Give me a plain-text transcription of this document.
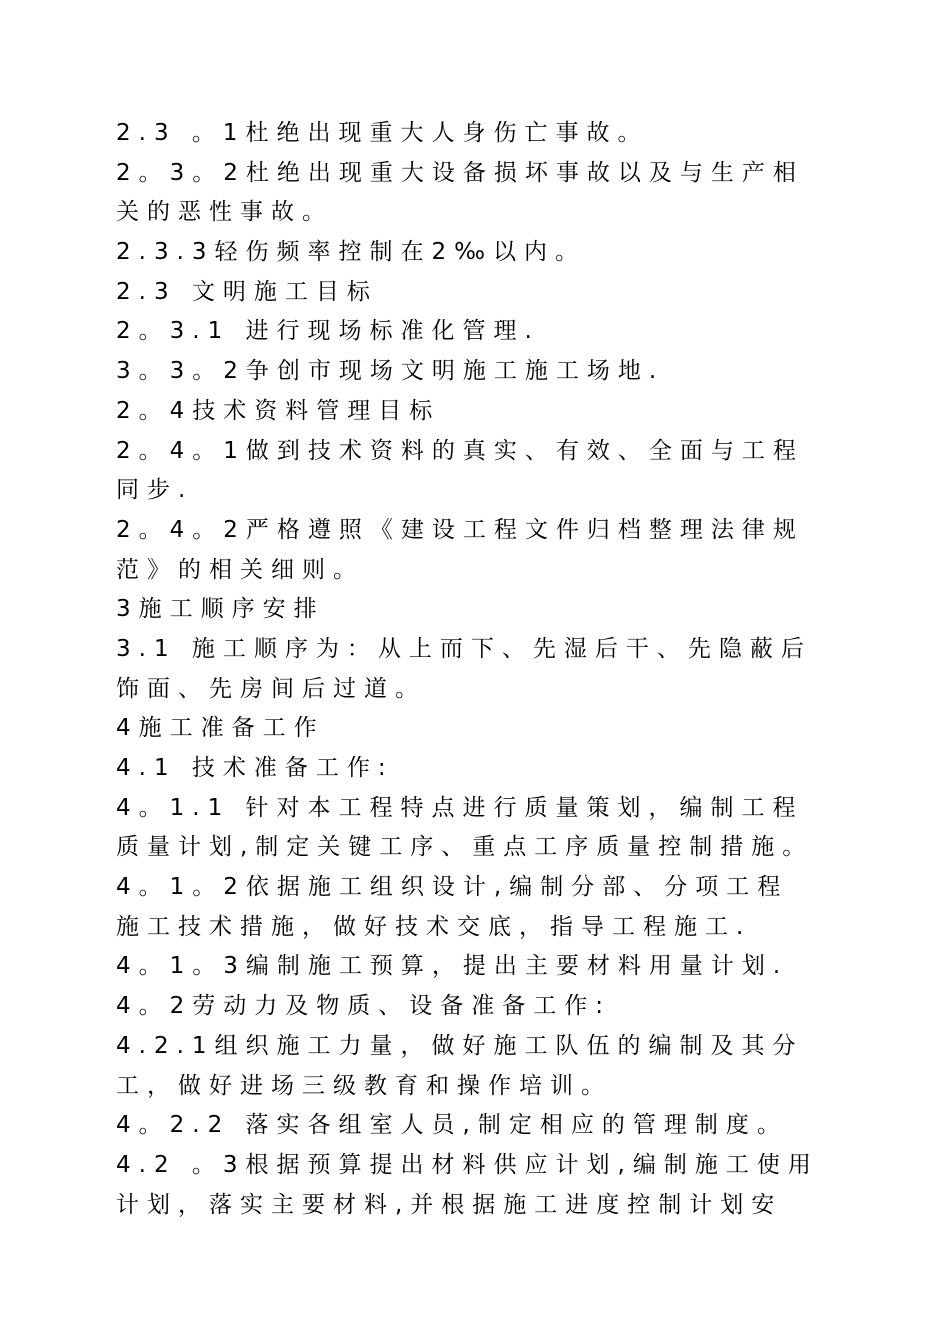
2.3 。1杜绝出现重大人身伤亡事故。
2。3。2杜绝出现重大设备损坏事故以及与生产相
关的恶性事故。
2.3.3轻伤频率控制在2‰以内。
2.3 文明施工目标
2。3.1 进行现场标准化管理.
3。3。2争创市现场文明施工施工场地.
2。4技术资料管理目标
2。4。1做到技术资料的真实、有效、全面与工程
同步.
2。4。2严格遵照《建设工程文件归档整理法律规
范》的相关细则。
3施工顺序安排
3.1 施工顺序为：从上而下、先湿后干、先隐蔽后
饰面、先房间后过道。
4施工准备工作
4.1 技术准备工作:
4。1.1 针对本工程特点进行质量策划，编制工程
质量计划,制定关键工序、重点工序质量控制措施。
4。1。2依据施工组织设计,编制分部、分项工程
施工技术措施，做好技术交底，指导工程施工.
4。1。3编制施工预算，提出主要材料用量计划.
4。2劳动力及物质、设备准备工作:
4.2.1组织施工力量，做好施工队伍的编制及其分
工，做好进场三级教育和操作培训。
4。2.2 落实各组室人员,制定相应的管理制度。
4.2 。3根据预算提出材料供应计划,编制施工使用
计划，落实主要材料,并根据施工进度控制计划安
